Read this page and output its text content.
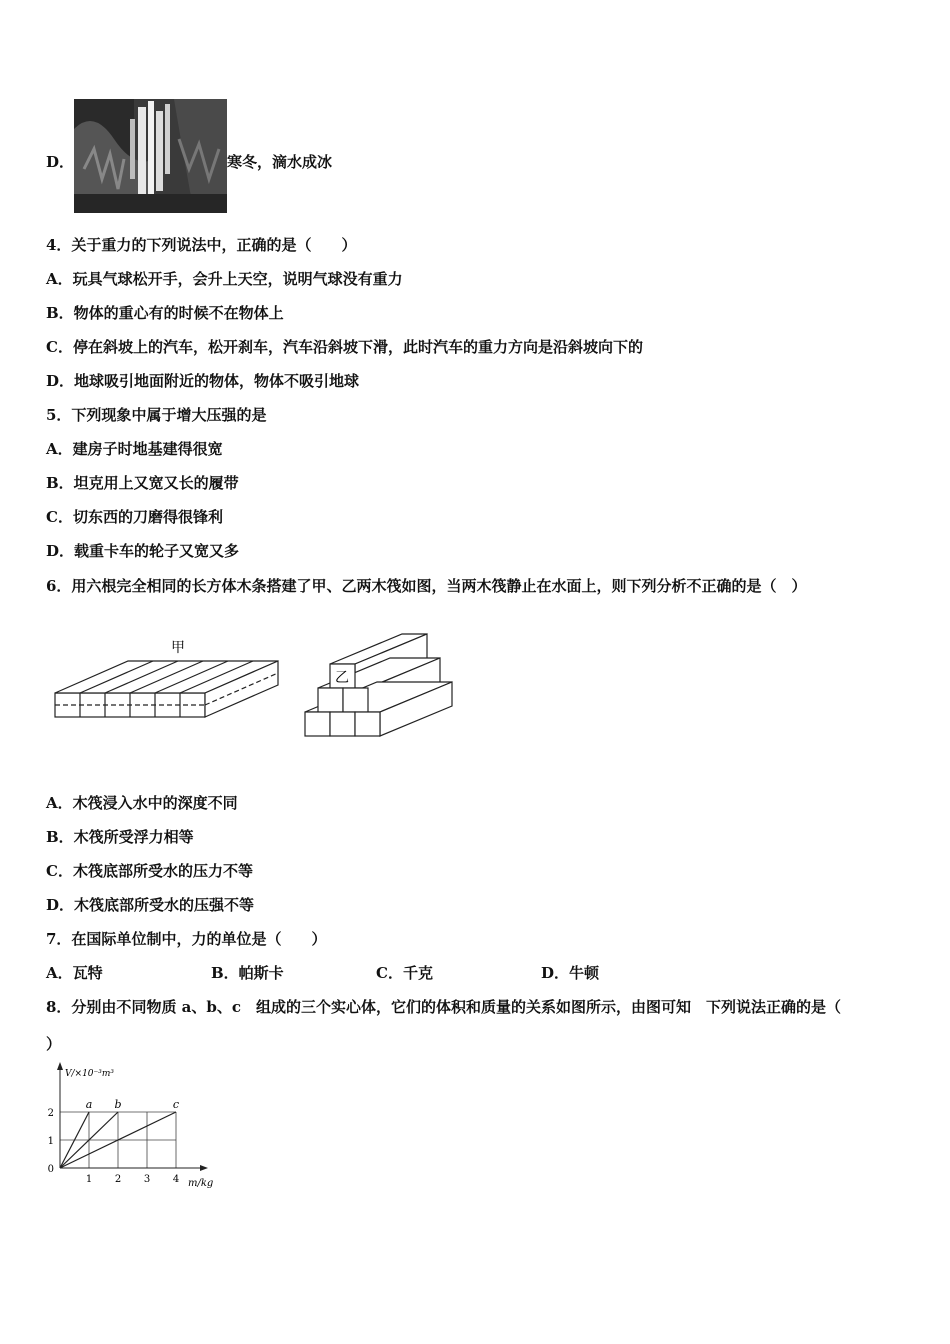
D．	寒冬，滴水成冰
4．关于重力的下列说法中，正确的是（　　）
A．玩具气球松开手，会升上天空，说明气球没有重力
B．物体的重心有的时候不在物体上
C．停在斜坡上的汽车，松开刹车，汽车沿斜坡下滑，此时汽车的重力方向是沿斜坡向下的
D．地球吸引地面附近的物体，物体不吸引地球
5．下列现象中属于增大压强的是
A．建房子时地基建得很宽
B．坦克用上又宽又长的履带
C．切东西的刀磨得很锋利
D．载重卡车的轮子又宽又多
6．用六根完全相同的长方体木条搭建了甲、乙两木筏如图，当两木筏静止在水面上，则下列分析不正确的是（　）
甲
乙
A．木筏浸入水中的深度不同
B．木筏所受浮力相等
C．木筏底部所受水的压力不等
D．木筏底部所受水的压强不等
7．在国际单位制中，力的单位是（　　）
A．瓦特	B．帕斯卡	C．千克	D．牛顿
8．分别由不同物质 a、b、c　组成的三个实心体，它们的体积和质量的关系如图所示，由图可知　下列说法正确的是（
）
1 2 3 4
1
2
0
m/kg
V/×10⁻³m³
a b	c
